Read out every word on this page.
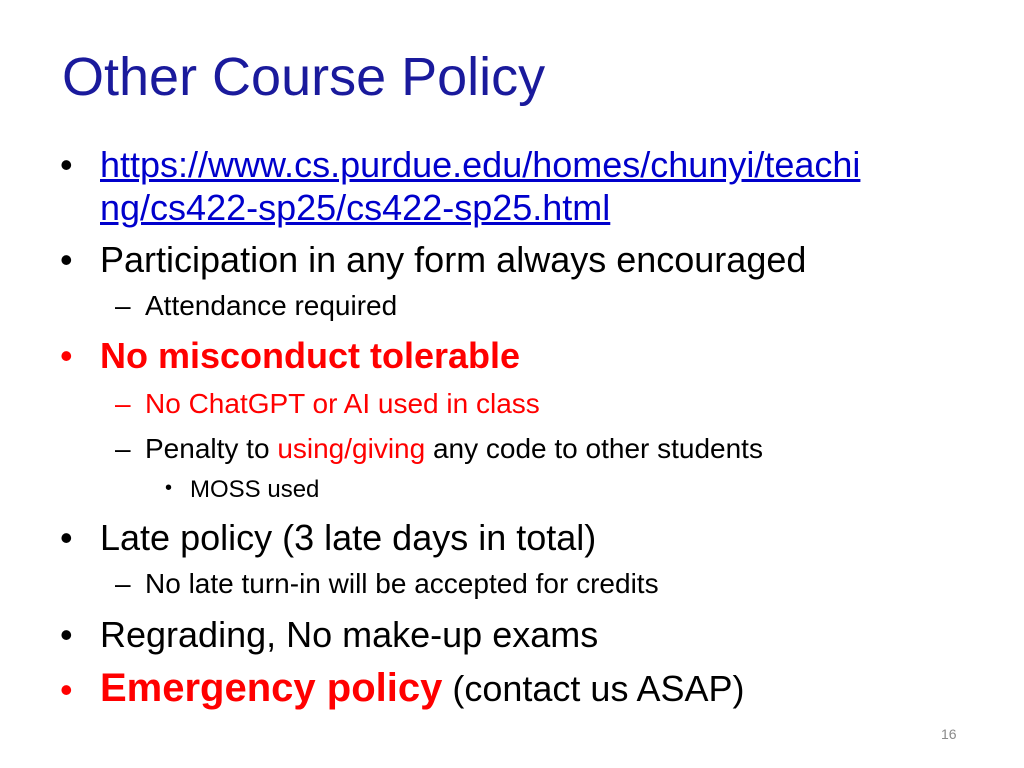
Other Course Policy
• https://www.cs.purdue.edu/homes/chunyi/teachi
ng/cs422-sp25/cs422-sp25.html
• Participation in any form always encouraged
– Attendance required
• No misconduct tolerable
– No ChatGPT or AI used in class
– Penalty to using/giving any code to other students
• MOSS used
• Late policy (3 late days in total)
– No late turn-in will be accepted for credits
• Regrading, No make-up exams
• Emergency policy (contact us ASAP)
16
